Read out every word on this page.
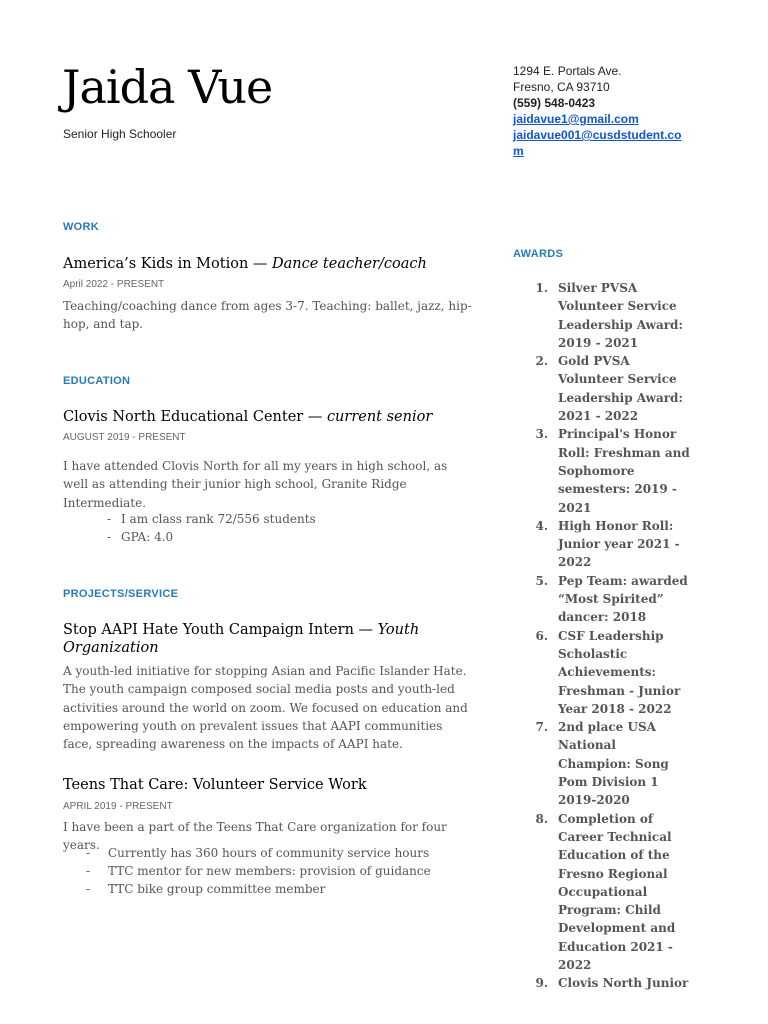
Jaida Vue
Senior High Schooler
1294 E. Portals Ave.
Fresno, CA 93710
(559) 548-0423
jaidavue1@gmail.com
jaidavue001@cusdstudent.com
WORK
America’s Kids in Motion — Dance teacher/coach
April 2022 - PRESENT
Teaching/coaching dance from ages 3-7. Teaching: ballet, jazz, hip-hop, and tap.
EDUCATION
Clovis North Educational Center — current senior
AUGUST 2019 - PRESENT
I have attended Clovis North for all my years in high school, as well as attending their junior high school, Granite Ridge Intermediate.
- I am class rank 72/556 students
- GPA: 4.0
PROJECTS/SERVICE
Stop AAPI Hate Youth Campaign Intern — Youth Organization
A youth-led initiative for stopping Asian and Pacific Islander Hate. The youth campaign composed social media posts and youth-led activities around the world on zoom. We focused on education and empowering youth on prevalent issues that AAPI communities face, spreading awareness on the impacts of AAPI hate.
Teens That Care: Volunteer Service Work
APRIL 2019 - PRESENT
I have been a part of the Teens That Care organization for four years.
- Currently has 360 hours of community service hours
- TTC mentor for new members: provision of guidance
- TTC bike group committee member
AWARDS
1. Silver PVSA Volunteer Service Leadership Award: 2019 - 2021
2. Gold PVSA Volunteer Service Leadership Award: 2021 - 2022
3. Principal's Honor Roll: Freshman and Sophomore semesters: 2019 - 2021
4. High Honor Roll: Junior year 2021 - 2022
5. Pep Team: awarded “Most Spirited” dancer: 2018
6. CSF Leadership Scholastic Achievements: Freshman - Junior Year 2018 - 2022
7. 2nd place USA National Champion: Song Pom Division 1 2019-2020
8. Completion of Career Technical Education of the Fresno Regional Occupational Program: Child Development and Education 2021 - 2022
9. Clovis North Junior
